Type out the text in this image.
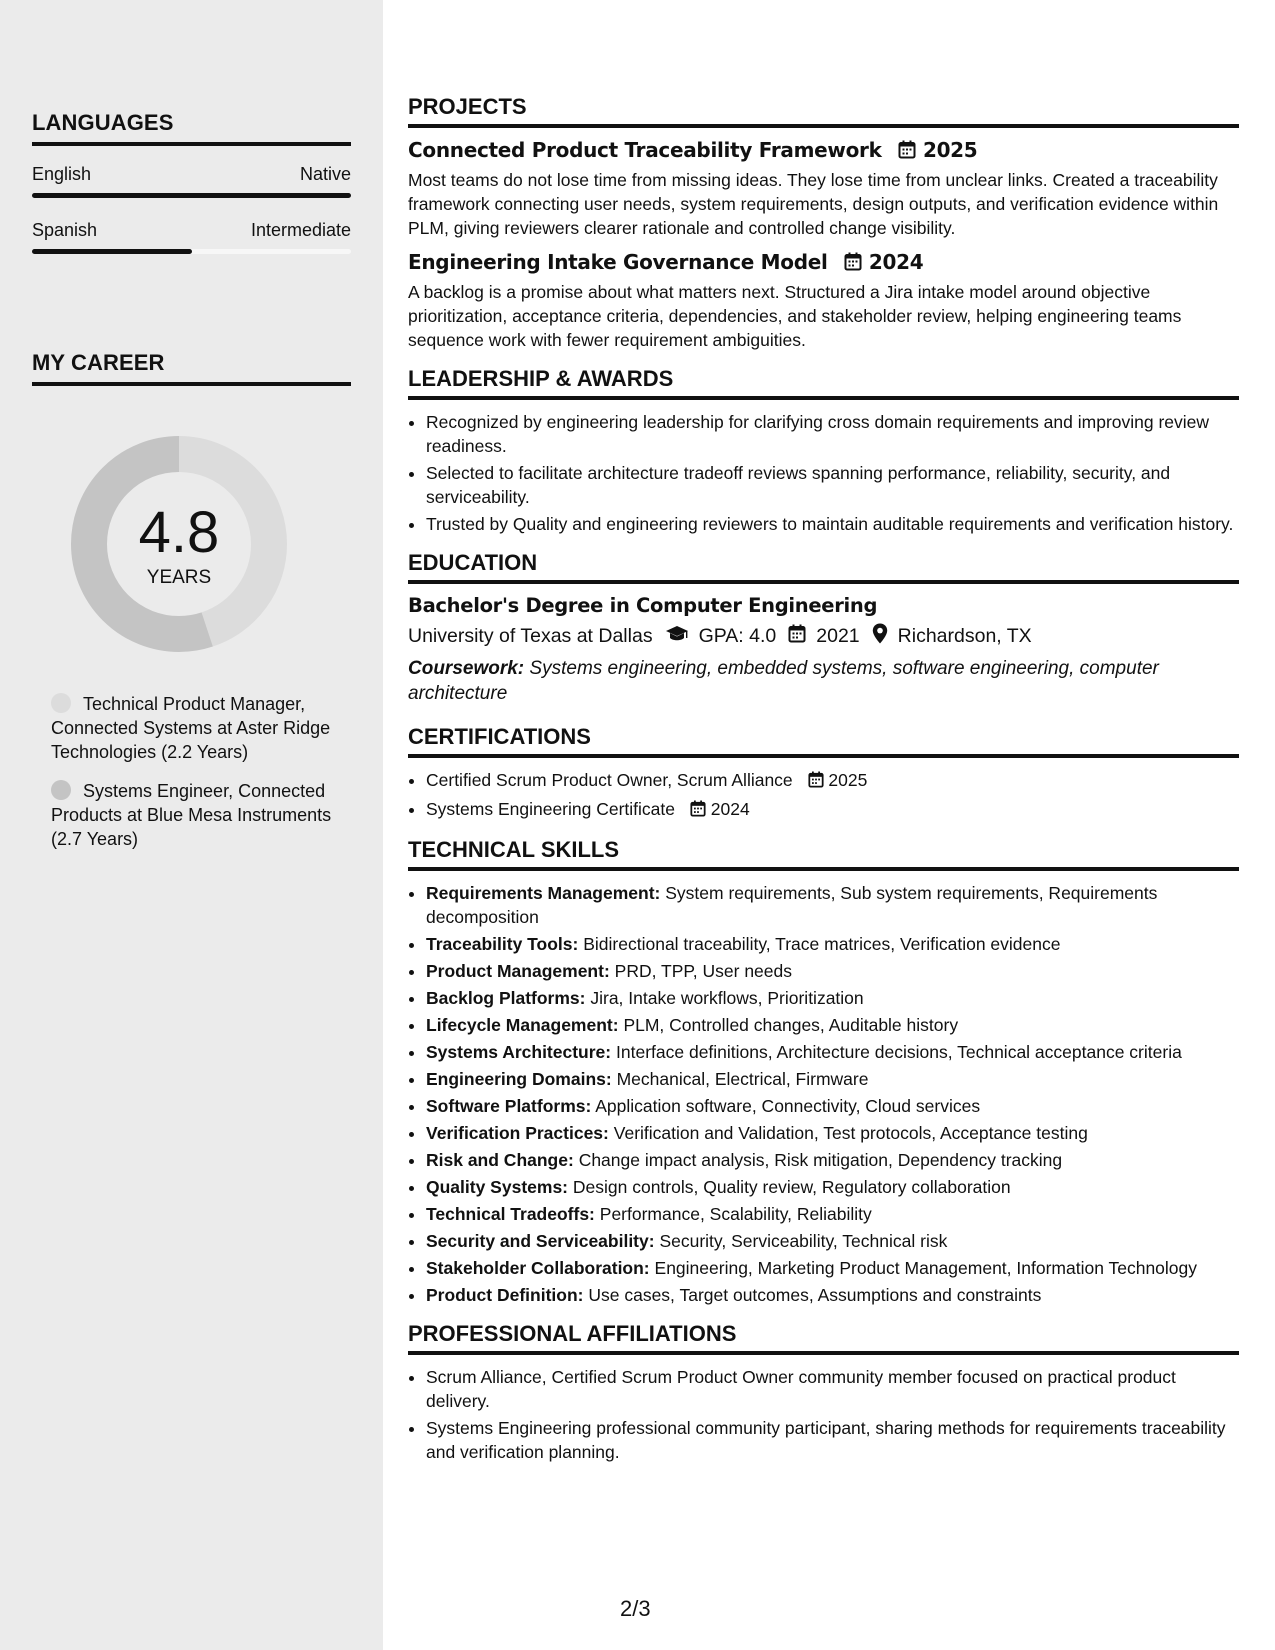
LANGUAGES
English	Native
Spanish	Intermediate
MY CAREER
4.8
YEARS
Technical Product Manager, Connected Systems at Aster Ridge Technologies (2.2 Years)
Systems Engineer, Connected Products at Blue Mesa Instruments (2.7 Years)
PROJECTS
Connected Product Traceability Framework 2025
Most teams do not lose time from missing ideas. They lose time from unclear links. Created a traceability framework connecting user needs, system requirements, design outputs, and verification evidence within PLM, giving reviewers clearer rationale and controlled change visibility.
Engineering Intake Governance Model 2024
A backlog is a promise about what matters next. Structured a Jira intake model around objective prioritization, acceptance criteria, dependencies, and stakeholder review, helping engineering teams sequence work with fewer requirement ambiguities.
LEADERSHIP & AWARDS
• Recognized by engineering leadership for clarifying cross domain requirements and improving review readiness.
• Selected to facilitate architecture tradeoff reviews spanning performance, reliability, security, and serviceability.
• Trusted by Quality and engineering reviewers to maintain auditable requirements and verification history.
EDUCATION
Bachelor's Degree in Computer Engineering
University of Texas at Dallas GPA: 4.0 2021 Richardson, TX
Coursework: Systems engineering, embedded systems, software engineering, computer architecture
CERTIFICATIONS
• Certified Scrum Product Owner, Scrum Alliance 2025
• Systems Engineering Certificate 2024
TECHNICAL SKILLS
• Requirements Management: System requirements, Sub system requirements, Requirements decomposition
• Traceability Tools: Bidirectional traceability, Trace matrices, Verification evidence
• Product Management: PRD, TPP, User needs
• Backlog Platforms: Jira, Intake workflows, Prioritization
• Lifecycle Management: PLM, Controlled changes, Auditable history
• Systems Architecture: Interface definitions, Architecture decisions, Technical acceptance criteria
• Engineering Domains: Mechanical, Electrical, Firmware
• Software Platforms: Application software, Connectivity, Cloud services
• Verification Practices: Verification and Validation, Test protocols, Acceptance testing
• Risk and Change: Change impact analysis, Risk mitigation, Dependency tracking
• Quality Systems: Design controls, Quality review, Regulatory collaboration
• Technical Tradeoffs: Performance, Scalability, Reliability
• Security and Serviceability: Security, Serviceability, Technical risk
• Stakeholder Collaboration: Engineering, Marketing Product Management, Information Technology
• Product Definition: Use cases, Target outcomes, Assumptions and constraints
PROFESSIONAL AFFILIATIONS
• Scrum Alliance, Certified Scrum Product Owner community member focused on practical product delivery.
• Systems Engineering professional community participant, sharing methods for requirements traceability and verification planning.
2/3
